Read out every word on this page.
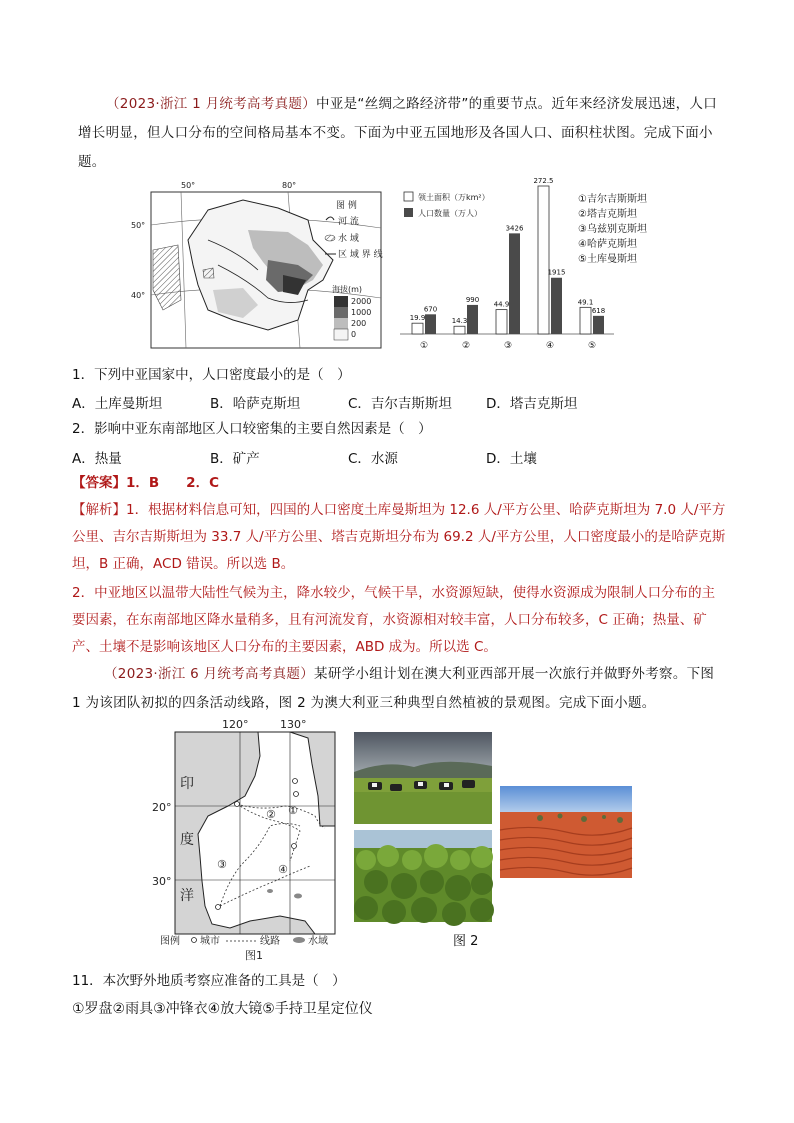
（2023·浙江 1 月统考高考真题）中亚是“丝绸之路经济带”的重要节点。近年来经济发展迅速，人口增长明显，但人口分布的空间格局基本不变。下面为中亚五国地形及各国人口、面积柱状图。完成下面小题。
50°	80°
50°
40°
图 例
河 流
水 域
区 域 界 线
海拔(m)
2000
1000
200
0
领土面积（万km²）
人口数量（万人）
19.9
670
①
14.3
990
②
44.9
3426
③
272.5
1915
④
49.1
618
⑤
①吉尔吉斯斯坦
②塔吉克斯坦
③乌兹别克斯坦
④哈萨克斯坦
⑤土库曼斯坦
1．下列中亚国家中，人口密度最小的是（　）
A．土库曼斯坦	B．哈萨克斯坦	C．吉尔吉斯斯坦	D．塔吉克斯坦
2．影响中亚东南部地区人口较密集的主要自然因素是（　）
A．热量	B．矿产	C．水源	D．土壤
【答案】1．B　　2．C
【解析】1．根据材料信息可知，四国的人口密度土库曼斯坦为 12.6 人/平方公里、哈萨克斯坦为 7.0 人/平方公里、吉尔吉斯斯坦为 33.7 人/平方公里、塔吉克斯坦分布为 69.2 人/平方公里，人口密度最小的是哈萨克斯坦，B 正确，ACD 错误。所以选 B。
2．中亚地区以温带大陆性气候为主，降水较少，气候干旱，水资源短缺，使得水资源成为限制人口分布的主要因素，在东南部地区降水量稍多，且有河流发育，水资源相对较丰富，人口分布较多，C 正确；热量、矿产、土壤不是影响该地区人口分布的主要因素，ABD 成为。所以选 C。
（2023·浙江 6 月统考高考真题）某研学小组计划在澳大利亚西部开展一次旅行并做野外考察。下图 1 为该团队初拟的四条活动线路，图 2 为澳大利亚三种典型自然植被的景观图。完成下面小题。
120°	130°
20°
30°
印
度
洋
①
②
③	④
图例 城市	线路	水域
图1
图 2
11．本次野外地质考察应准备的工具是（　）
①罗盘②雨具③冲锋衣④放大镜⑤手持卫星定位仪
